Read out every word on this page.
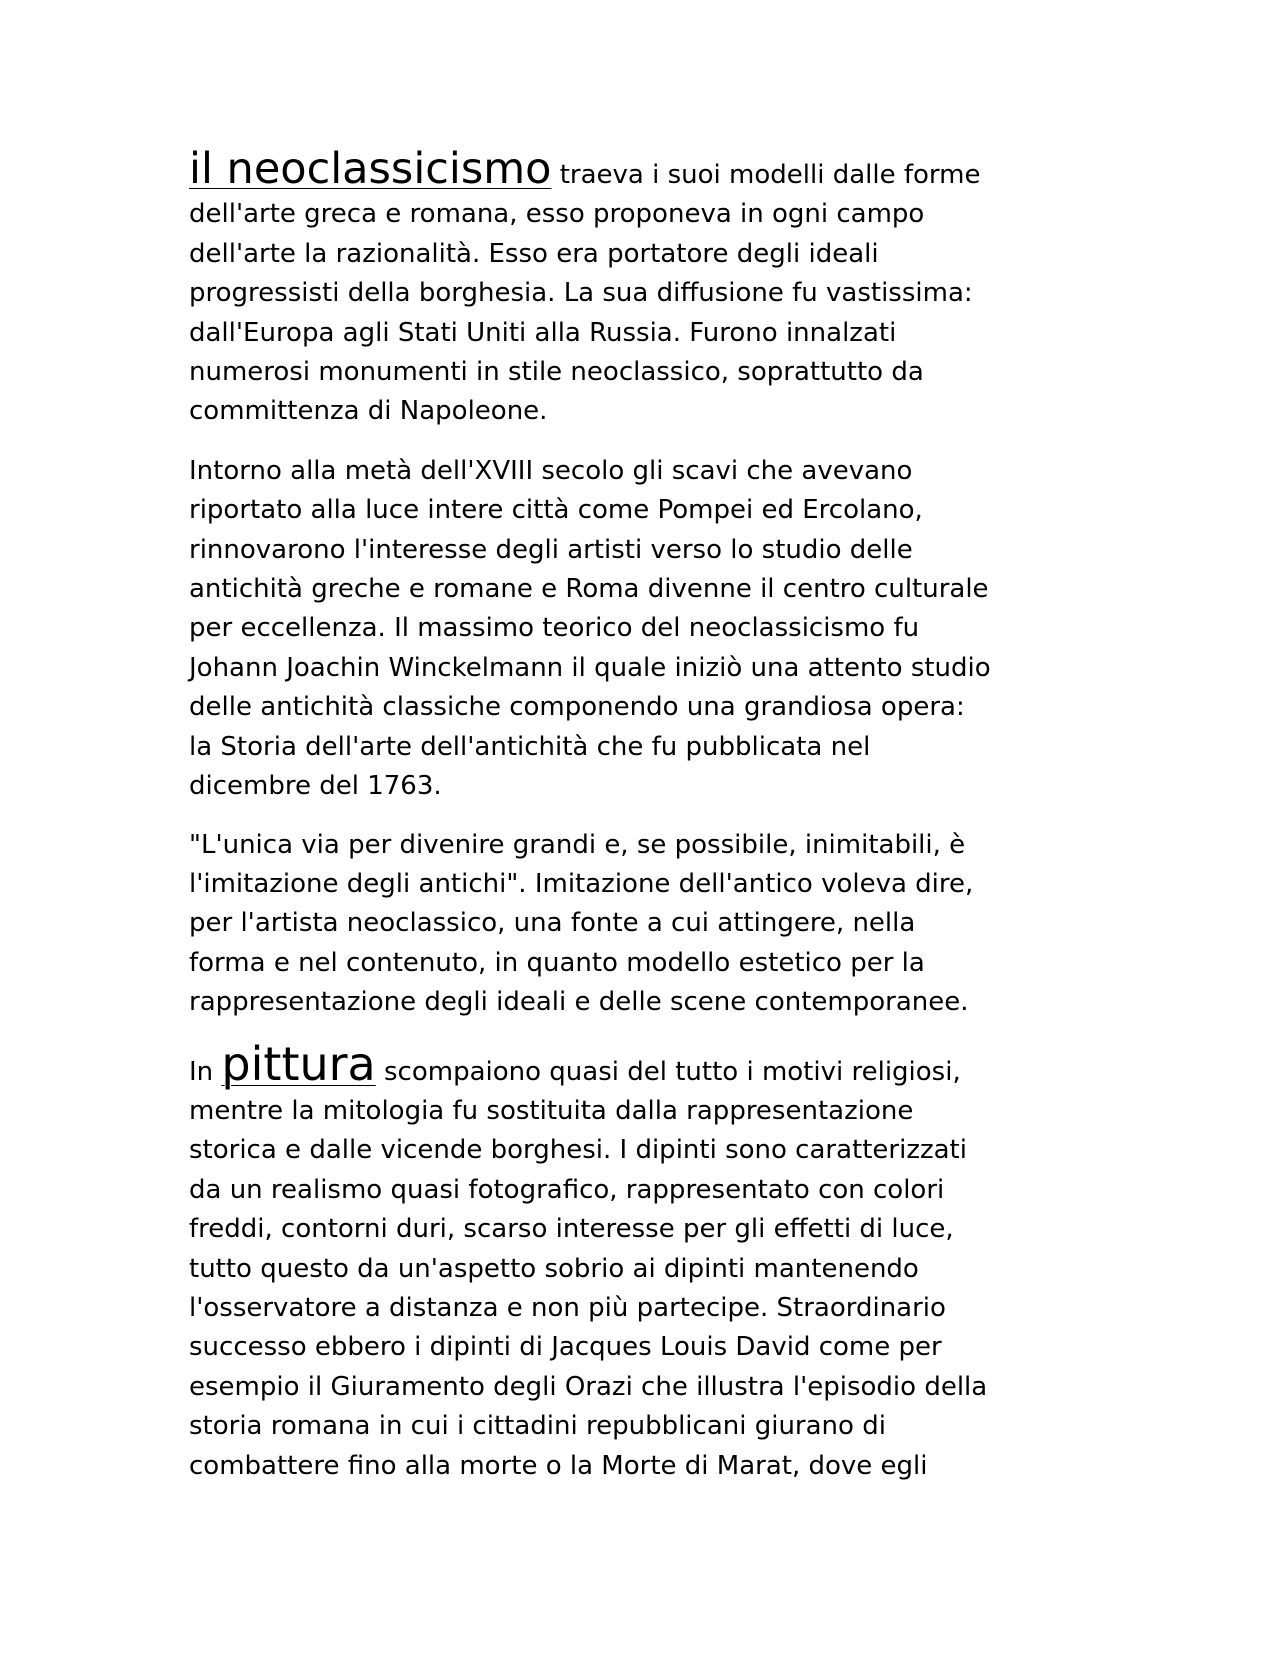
il neoclassicismo traeva i suoi modelli dalle forme
dell'arte greca e romana, esso proponeva in ogni campo
dell'arte la razionalità. Esso era portatore degli ideali
progressisti della borghesia. La sua diffusione fu vastissima:
dall'Europa agli Stati Uniti alla Russia. Furono innalzati
numerosi monumenti in stile neoclassico, soprattutto da
committenza di Napoleone.

Intorno alla metà dell'XVIII secolo gli scavi che avevano
riportato alla luce intere città come Pompei ed Ercolano,
rinnovarono l'interesse degli artisti verso lo studio delle
antichità greche e romane e Roma divenne il centro culturale
per eccellenza. Il massimo teorico del neoclassicismo fu
Johann Joachin Winckelmann il quale iniziò una attento studio
delle antichità classiche componendo una grandiosa opera:
la Storia dell'arte dell'antichità che fu pubblicata nel
dicembre del 1763.

"L'unica via per divenire grandi e, se possibile, inimitabili, è
l'imitazione degli antichi". Imitazione dell'antico voleva dire,
per l'artista neoclassico, una fonte a cui attingere, nella
forma e nel contenuto, in quanto modello estetico per la
rappresentazione degli ideali e delle scene contemporanee.

In pittura scompaiono quasi del tutto i motivi religiosi,
mentre la mitologia fu sostituita dalla rappresentazione
storica e dalle vicende borghesi. I dipinti sono caratterizzati
da un realismo quasi fotografico, rappresentato con colori
freddi, contorni duri, scarso interesse per gli effetti di luce,
tutto questo da un'aspetto sobrio ai dipinti mantenendo
l'osservatore a distanza e non più partecipe. Straordinario
successo ebbero i dipinti di Jacques Louis David come per
esempio il Giuramento degli Orazi che illustra l'episodio della
storia romana in cui i cittadini repubblicani giurano di
combattere fino alla morte o la Morte di Marat, dove egli
